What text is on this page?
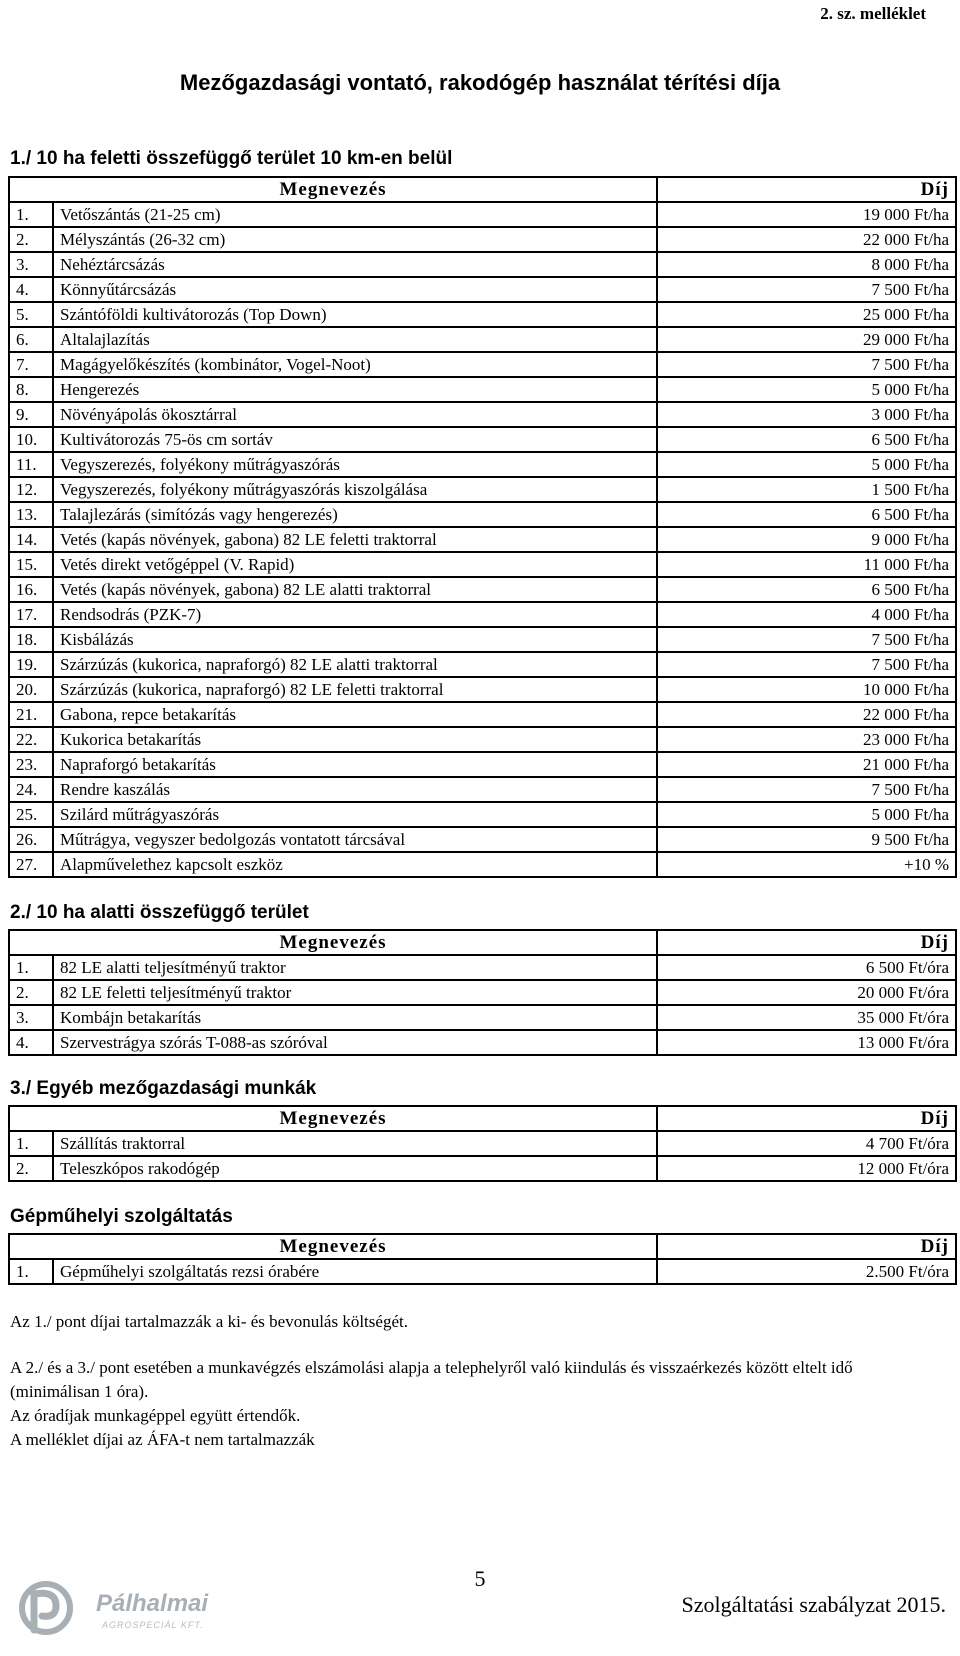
2. sz. melléklet
Mezőgazdasági vontató, rakodógép használat térítési díja
1./ 10 ha feletti összefüggő terület 10 km-en belül
Megnevezés		Díj
1.	Vetőszántás (21-25 cm)	19 000 Ft/ha
2.	Mélyszántás (26-32 cm)	22 000 Ft/ha
3.	Nehéztárcsázás	8 000 Ft/ha
4.	Könnyűtárcsázás	7 500 Ft/ha
5.	Szántóföldi kultivátorozás (Top Down)	25 000 Ft/ha
6.	Altalajlazítás	29 000 Ft/ha
7.	Magágyelőkészítés (kombinátor, Vogel-Noot)	7 500 Ft/ha
8.	Hengerezés	5 000 Ft/ha
9.	Növényápolás ökosztárral	3 000 Ft/ha
10.	Kultivátorozás 75-ös cm sortáv	6 500 Ft/ha
11.	Vegyszerezés, folyékony műtrágyaszórás	5 000 Ft/ha
12.	Vegyszerezés, folyékony műtrágyaszórás kiszolgálása	1 500 Ft/ha
13.	Talajlezárás (simítózás vagy hengerezés)	6 500 Ft/ha
14.	Vetés (kapás növények, gabona) 82 LE feletti traktorral	9 000 Ft/ha
15.	Vetés direkt vetőgéppel (V. Rapid)	11 000 Ft/ha
16.	Vetés (kapás növények, gabona) 82 LE alatti traktorral	6 500 Ft/ha
17.	Rendsodrás (PZK-7)	4 000 Ft/ha
18.	Kisbálázás	7 500 Ft/ha
19.	Szárzúzás (kukorica, napraforgó) 82 LE alatti traktorral	7 500 Ft/ha
20.	Szárzúzás (kukorica, napraforgó) 82 LE feletti traktorral	10 000 Ft/ha
21.	Gabona, repce betakarítás	22 000 Ft/ha
22.	Kukorica betakarítás	23 000 Ft/ha
23.	Napraforgó betakarítás	21 000 Ft/ha
24.	Rendre kaszálás	7 500 Ft/ha
25.	Szilárd műtrágyaszórás	5 000 Ft/ha
26.	Műtrágya, vegyszer bedolgozás vontatott tárcsával	9 500 Ft/ha
27.	Alapművelethez kapcsolt eszköz	+10 %
2./ 10 ha alatti összefüggő terület
Megnevezés		Díj
1.	82 LE alatti teljesítményű traktor	6 500 Ft/óra
2.	82 LE feletti teljesítményű traktor	20 000 Ft/óra
3.	Kombájn betakarítás	35 000 Ft/óra
4.	Szervestrágya szórás T-088-as szóróval	13 000 Ft/óra
3./ Egyéb mezőgazdasági munkák
Megnevezés		Díj
1.	Szállítás traktorral	4 700 Ft/óra
2.	Teleszkópos rakodógép	12 000 Ft/óra
Gépműhelyi szolgáltatás
Megnevezés		Díj
1.	Gépműhelyi szolgáltatás rezsi órabére	2.500 Ft/óra
Az 1./ pont díjai tartalmazzák a ki- és bevonulás költségét.
A 2./ és a 3./ pont esetében a munkavégzés elszámolási alapja a telephelyről való kiindulás és visszaérkezés között eltelt idő (minimálisan 1 óra).
Az óradíjak munkagéppel együtt értendők.
A melléklet díjai az ÁFA-t nem tartalmazzák
5
Pálhalmai
AGROSPECIÁL KFT.
Szolgáltatási szabályzat 2015.
